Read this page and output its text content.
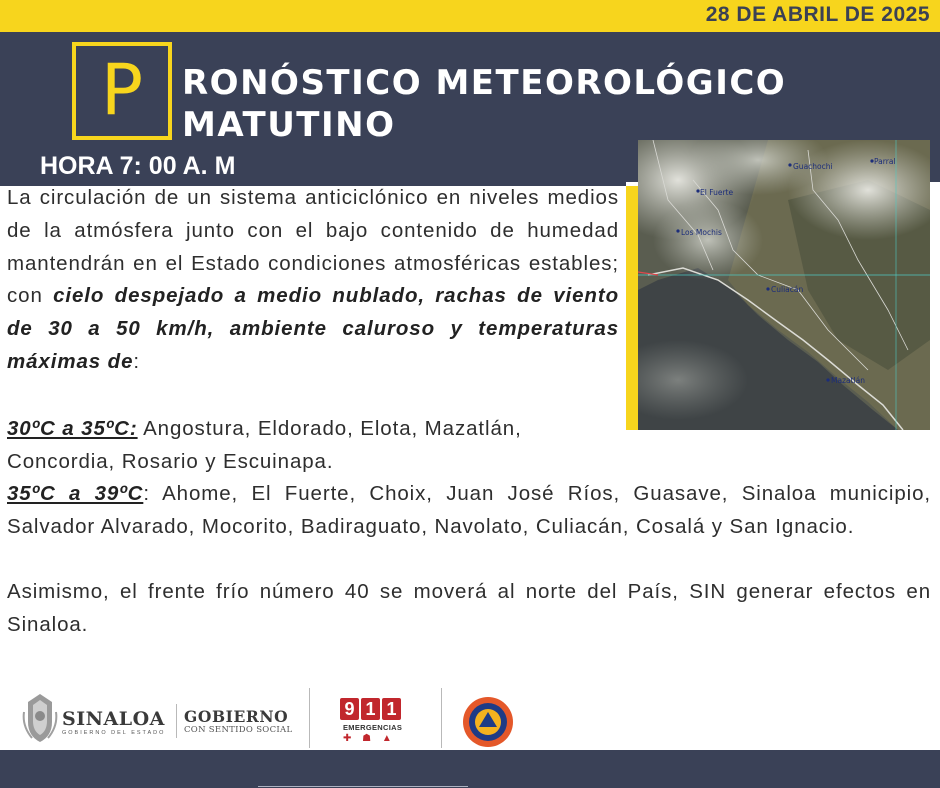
28 DE ABRIL DE 2025
P	RONÓSTICO METEOROLÓGICO
MATUTINO
HORA 7: 00 A. M	Guachochi
Parral
El Fuerte
Los Mochis
Culiacán
Mazatlán

La circulación de un sistema anticiclónico en niveles medios de la atmósfera junto con el bajo contenido de humedad mantendrán en el Estado condiciones atmosféricas estables; con cielo despejado a medio nublado, rachas de viento de 30 a 50 km/h, ambiente caluroso y temperaturas máximas de:

30ºC a 35ºC: Angostura, Eldorado, Elota, Mazatlán, Concordia, Rosario y Escuinapa.

35ºC a 39ºC: Ahome, El Fuerte, Choix, Juan José Ríos, Guasave, Sinaloa municipio, Salvador Alvarado, Mocorito, Badiraguato, Navolato, Culiacán, Cosalá y San Ignacio.

Asimismo, el frente frío número 40 se moverá al norte del País, SIN generar efectos en Sinaloa.

SINALOA
GOBIERNO DEL ESTADO
GOBIERNO
CON SENTIDO SOCIAL
9 1 1
EMERGENCIAS
✚ ☗ ▲
